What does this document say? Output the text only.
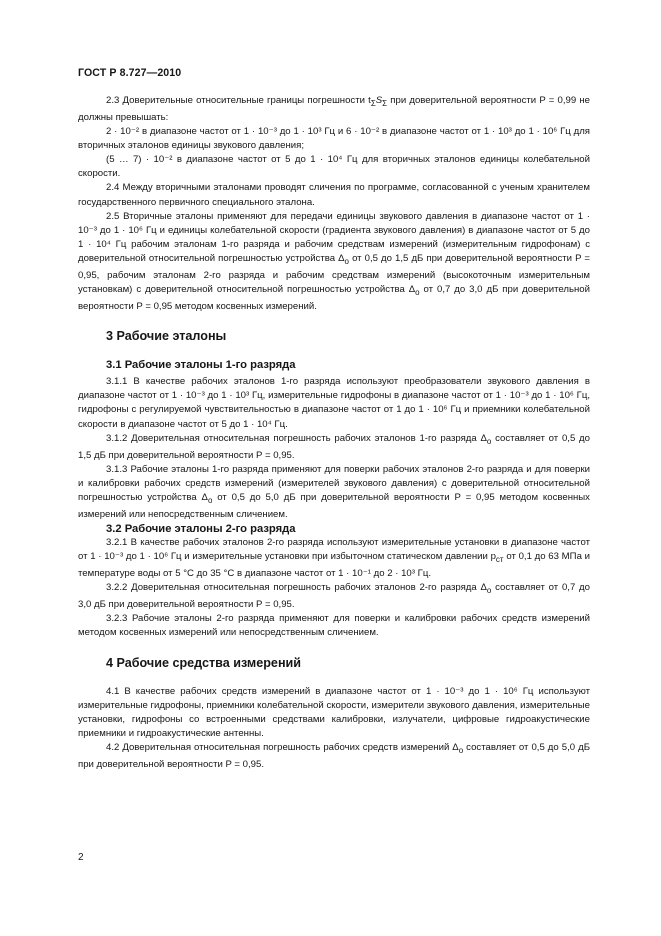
ГОСТ Р 8.727—2010

2.3 Доверительные относительные границы погрешности $t_\Sigma S_\Sigma$ при доверительной вероятности P = 0,99 не должны превышать:

2 · 10⁻² в диапазоне частот от 1 · 10⁻³ до 1 · 10³ Гц и 6 · 10⁻² в диапазоне частот от 1 · 10³ до 1 · 10⁶ Гц для вторичных эталонов единицы звукового давления;

(5 … 7) · 10⁻² в диапазоне частот от 5 до 1 · 10⁴ Гц для вторичных эталонов единицы колебательной скорости.

2.4 Между вторичными эталонами проводят сличения по программе, согласованной с ученым хранителем государственного первичного специального эталона.

2.5 Вторичные эталоны применяют для передачи единицы звукового давления в диапазоне частот от 1 · 10⁻³ до 1 · 10⁶ Гц и единицы колебательной скорости (градиента звукового давления) в диапазоне частот от 5 до 1 · 10⁴ Гц рабочим эталонам 1-го разряда и рабочим средствам измерений (измерительным гидрофонам) с доверительной относительной погрешностью устройства $\Delta_о$ от 0,5 до 1,5 дБ при доверительной вероятности P = 0,95, рабочим эталонам 2-го разряда и рабочим средствам измерений (высокоточным измерительным установкам) с доверительной относительной погрешностью устройства $\Delta_о$ от 0,7 до 3,0 дБ при доверительной вероятности P = 0,95 методом косвенных измерений.

3 Рабочие эталоны
3.1 Рабочие эталоны 1-го разряда

3.1.1 В качестве рабочих эталонов 1-го разряда используют преобразователи звукового давления в диапазоне частот от 1 · 10⁻³ до 1 · 10³ Гц, измерительные гидрофоны в диапазоне частот от 1 · 10⁻³ до 1 · 10⁶ Гц, гидрофоны с регулируемой чувствительностью в диапазоне частот от 1 до 1 · 10⁶ Гц и приемники колебательной скорости в диапазоне частот от 5 до 1 · 10⁴ Гц.

3.1.2 Доверительная относительная погрешность рабочих эталонов 1-го разряда $\Delta_о$ составляет от 0,5 до 1,5 дБ при доверительной вероятности P = 0,95.

3.1.3 Рабочие эталоны 1-го разряда применяют для поверки рабочих эталонов 2-го разряда и для поверки и калибровки рабочих средств измерений (измерителей звукового давления) с доверительной относительной погрешностью устройства $\Delta_о$ от 0,5 до 5,0 дБ при доверительной вероятности P = 0,95 методом косвенных измерений или непосредственным сличением.

3.2 Рабочие эталоны 2-го разряда

3.2.1 В качестве рабочих эталонов 2-го разряда используют измерительные установки в диапазоне частот от 1 · 10⁻³ до 1 · 10⁶ Гц и измерительные установки при избыточном статическом давлении $p_{ст}$ от 0,1 до 63 МПа и температуре воды от 5 °С до 35 °С в диапазоне частот от 1 · 10⁻¹ до 2 · 10³ Гц.

3.2.2 Доверительная относительная погрешность рабочих эталонов 2-го разряда $\Delta_о$ составляет от 0,7 до 3,0 дБ при доверительной вероятности P = 0,95.

3.2.3 Рабочие эталоны 2-го разряда применяют для поверки и калибровки рабочих средств измерений методом косвенных измерений или непосредственным сличением.

4 Рабочие средства измерений

4.1 В качестве рабочих средств измерений в диапазоне частот от 1 · 10⁻³ до 1 · 10⁶ Гц используют измерительные гидрофоны, приемники колебательной скорости, измерители звукового давления, измерительные установки, гидрофоны со встроенными средствами калибровки, излучатели, цифровые гидроакустические приемники и гидроакустические антенны.

4.2 Доверительная относительная погрешность рабочих средств измерений $\Delta_о$ составляет от 0,5 до 5,0 дБ при доверительной вероятности P = 0,95.

2
